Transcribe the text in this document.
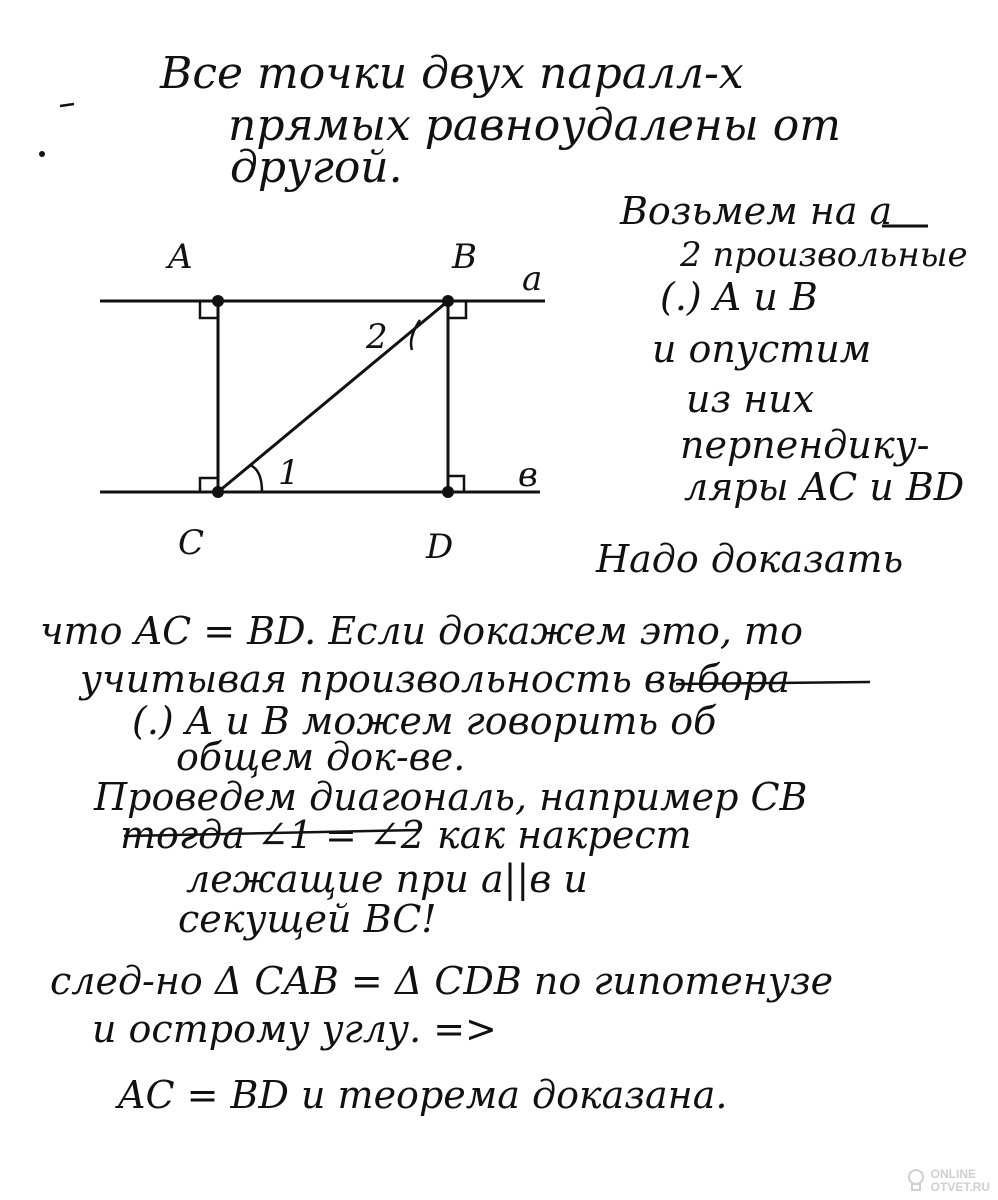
A	B
a
C	D
в
1
2
Все точки двух паралл-х
прямых равноудалены от
другой.
Возьмем на a
2 произвольные
(.) A и B
и опустим
из них
перпендику-
ляры AC и BD
Надо доказать
что AC = BD. Если докажем это, то
учитывая произвольность выбора
(.) A и B можем говорить об
общем док-ве.
Проведем диагональ, например CB
тогда ∠1 = ∠2 как накрест
лежащие при a||в и
секущей BC!
след-но Δ CAB = Δ CDB по гипотенузе
и острому углу. =>
AC = BD и теорема доказана.
ONLINE
OTVET.RU
